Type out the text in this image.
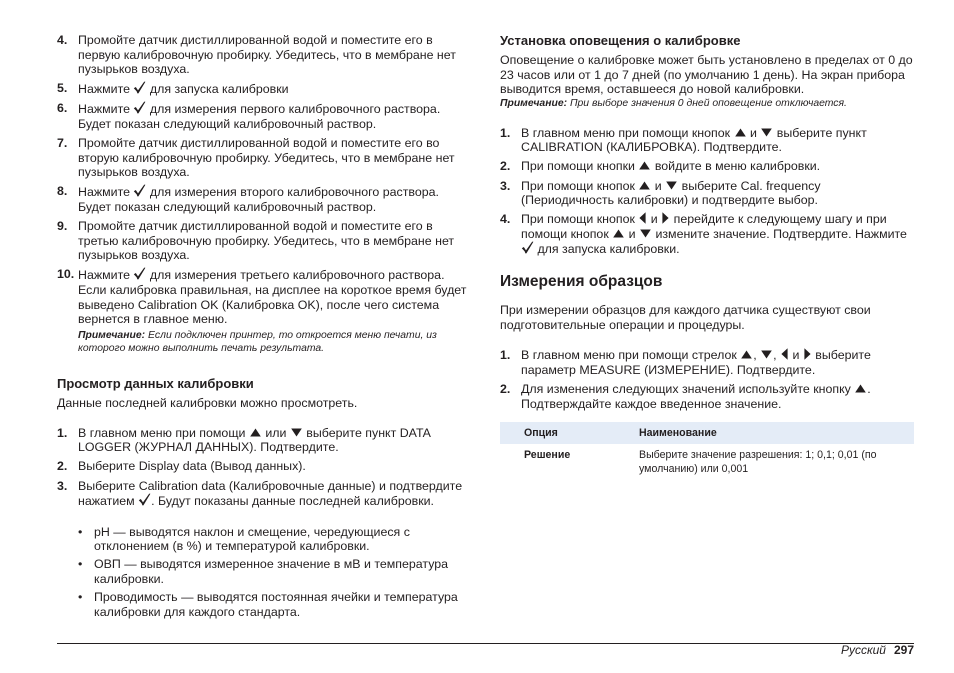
4. Промойте датчик дистиллированной водой и поместите его в первую калибровочную пробирку. Убедитесь, что в мембране нет пузырьков воздуха.
5. Нажмите  для запуска калибровки
6. Нажмите  для измерения первого калибровочного раствора. Будет показан следующий калибровочный раствор.
7. Промойте датчик дистиллированной водой и поместите его во вторую калибровочную пробирку. Убедитесь, что в мембране нет пузырьков воздуха.
8. Нажмите  для измерения второго калибровочного раствора. Будет показан следующий калибровочный раствор.
9. Промойте датчик дистиллированной водой и поместите его в третью калибровочную пробирку. Убедитесь, что в мембране нет пузырьков воздуха.
10. Нажмите  для измерения третьего калибровочного раствора. Если калибровка правильная, на дисплее на короткое время будет выведено Calibration OK (Калибровка OK), после чего система вернется в главное меню.

Примечание: Если подключен принтер, то откроется меню печати, из которого можно выполнить печать результата.

Просмотр данных калибровки

Данные последней калибровки можно просмотреть.

1. В главном меню при помощи  или  выберите пункт DATA LOGGER (ЖУРНАЛ ДАННЫХ). Подтвердите.
2. Выберите Display data (Вывод данных).
3. Выберите Calibration data (Калибровочные данные) и подтвердите нажатием . Будут показаны данные последней калибровки.
• pH — выводятся наклон и смещение, чередующиеся с отклонением (в %) и температурой калибровки.
• ОВП — выводятся измеренное значение в мВ и температура калибровки.
• Проводимость — выводятся постоянная ячейки и температура калибровки для каждого стандарта.
Установка оповещения о калибровке

Оповещение о калибровке может быть установлено в пределах от 0 до 23 часов или от 1 до 7 дней (по умолчанию 1 день). На экран прибора выводится время, оставшееся до новой калибровки.

Примечание: При выборе значения 0 дней оповещение отключается.

1. В главном меню при помощи кнопок  и  выберите пункт CALIBRATION (КАЛИБРОВКА). Подтвердите.
2. При помощи кнопки  войдите в меню калибровки.
3. При помощи кнопок  и  выберите Cal. frequency (Периодичность калибровки) и подтвердите выбор.
4. При помощи кнопок  и  перейдите к следующему шагу и при помощи кнопок  и  измените значение. Подтвердите. Нажмите  для запуска калибровки.
Измерения образцов

При измерении образцов для каждого датчика существуют свои подготовительные операции и процедуры.

1. В главном меню при помощи стрелок , ,  и  выберите параметр MEASURE (ИЗМЕРЕНИЕ). Подтвердите.
2. Для изменения следующих значений используйте кнопку . Подтверждайте каждое введенное значение.
Опция	Наименование
Решение	Выберите значение разрешения: 1; 0,1; 0,01 (по умолчанию) или 0,001
Русский 297
